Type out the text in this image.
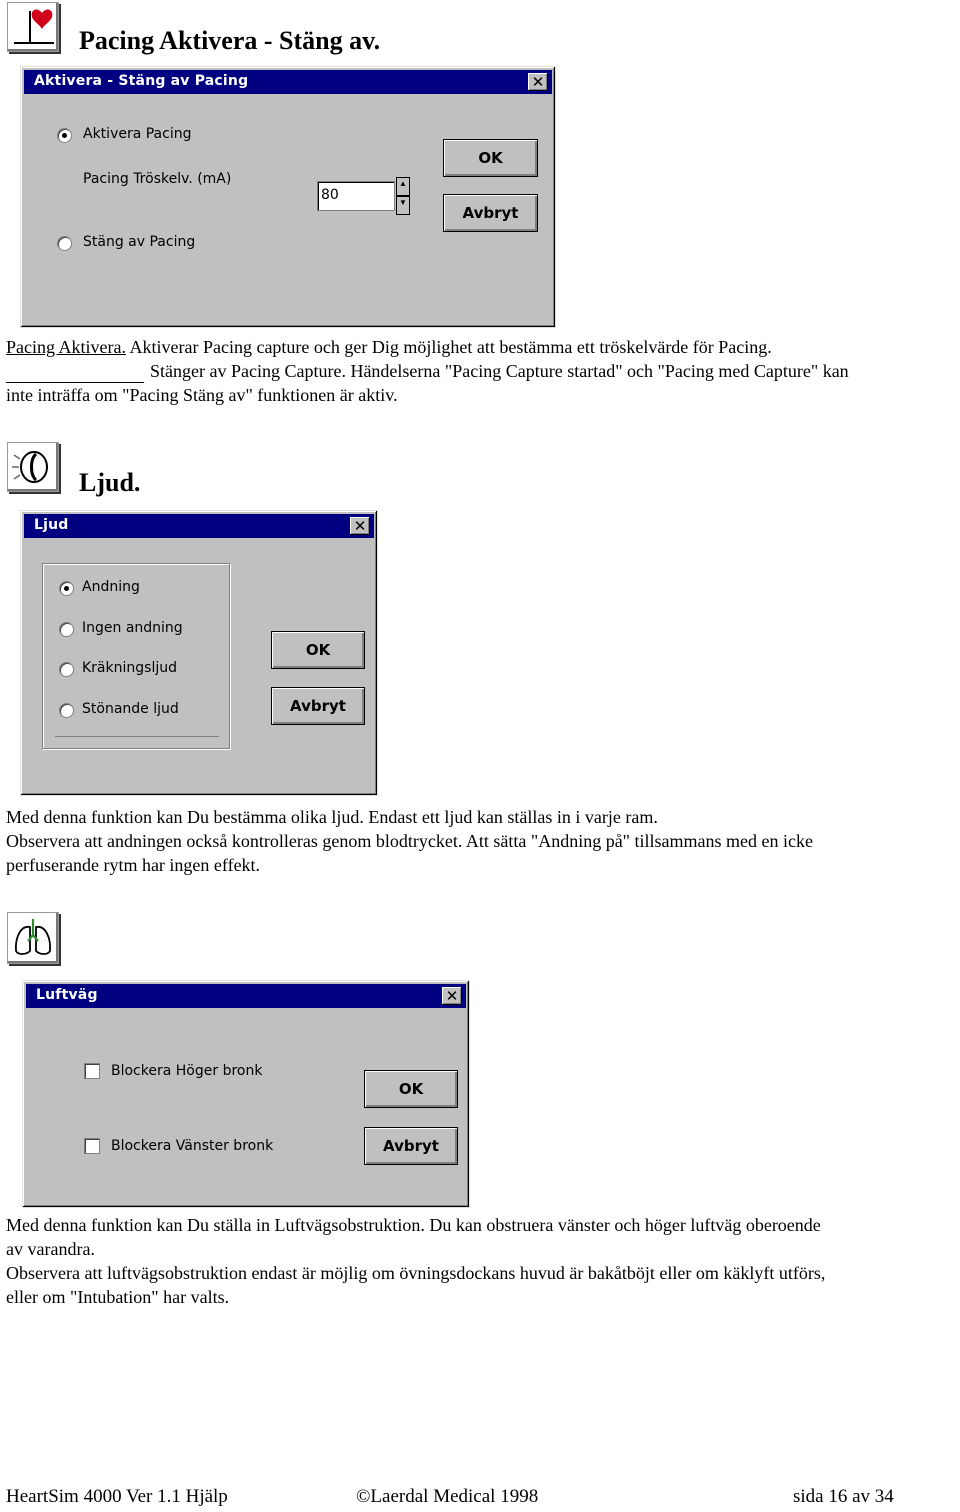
Pacing Aktivera - Stäng av.
Aktivera - Stäng av Pacing	✕
Aktivera Pacing
Pacing Tröskelv. (mA)
80
▲
▼
Stäng av Pacing
OK
Avbryt
Pacing Aktivera. Aktiverar Pacing capture och ger Dig möjlighet att bestämma ett tröskelvärde för Pacing.
Stänger av Pacing Capture. Händelserna "Pacing Capture startad" och "Pacing med Capture" kan
inte inträffa om "Pacing Stäng av" funktionen är aktiv.
Ljud.
Ljud	✕
Andning
Ingen andning
Kräkningsljud
Stönande ljud
OK
Avbryt
Med denna funktion kan Du bestämma olika ljud. Endast ett ljud kan ställas in i varje ram.
Observera att andningen också kontrolleras genom blodtrycket. Att sätta "Andning på" tillsammans med en icke
perfuserande rytm har ingen effekt.
Luftväg	✕
Blockera Höger bronk
Blockera Vänster bronk
OK
Avbryt
Med denna funktion kan Du ställa in Luftvägsobstruktion. Du kan obstruera vänster och höger luftväg oberoende
av varandra.
Observera att luftvägsobstruktion endast är möjlig om övningsdockans huvud är bakåtböjt eller om käklyft utförs,
eller om "Intubation" har valts.
HeartSim 4000 Ver 1.1 Hjälp	©Laerdal Medical 1998	sida 16 av 34
